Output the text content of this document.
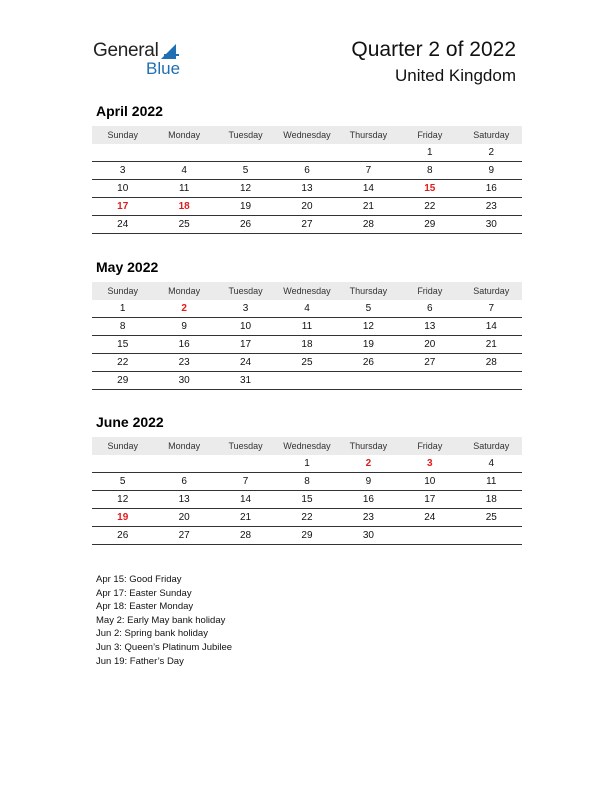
General
Blue
Quarter 2 of 2022
United Kingdom
April 2022
Sunday	Monday	Tuesday	Wednesday	Thursday	Friday	Saturday
					1	2
3	4	5	6	7	8	9
10	11	12	13	14	15	16
17	18	19	20	21	22	23
24	25	26	27	28	29	30
May 2022
Sunday	Monday	Tuesday	Wednesday	Thursday	Friday	Saturday
1	2	3	4	5	6	7
8	9	10	11	12	13	14
15	16	17	18	19	20	21
22	23	24	25	26	27	28
29	30	31				
June 2022
Sunday	Monday	Tuesday	Wednesday	Thursday	Friday	Saturday
			1	2	3	4
5	6	7	8	9	10	11
12	13	14	15	16	17	18
19	20	21	22	23	24	25
26	27	28	29	30		
Apr 15: Good Friday
Apr 17: Easter Sunday
Apr 18: Easter Monday
May 2: Early May bank holiday
Jun 2: Spring bank holiday
Jun 3: Queen’s Platinum Jubilee
Jun 19: Father’s Day
